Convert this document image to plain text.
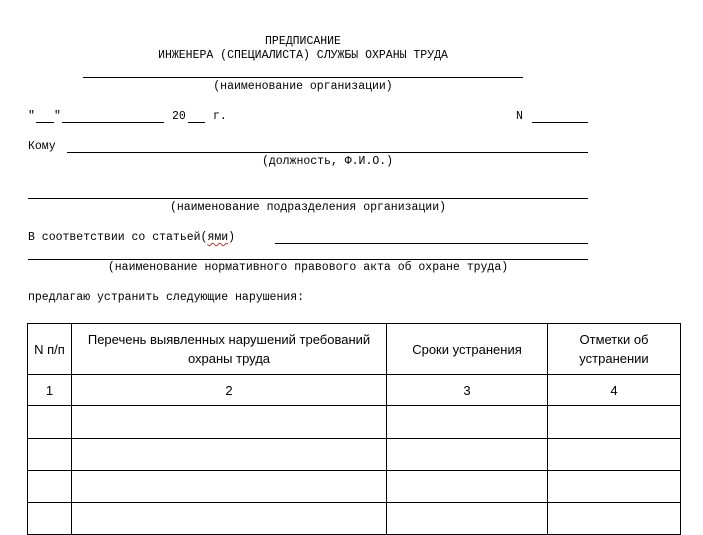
ПРЕДПИСАНИЕ
ИНЖЕНЕРА (СПЕЦИАЛИСТА) СЛУЖБЫ ОХРАНЫ ТРУДА
(наименование организации)
" "	20 г.	N
Кому
(должность, Ф.И.О.)
(наименование подразделения организации)
В соответствии со статьей(ями)
(наименование нормативного правового акта об охране труда)
предлагаю устранить следующие нарушения:
N п/п	Перечень выявленных нарушений требований охраны труда	Сроки устранения	Отметки об устранении
1	2	3	4
